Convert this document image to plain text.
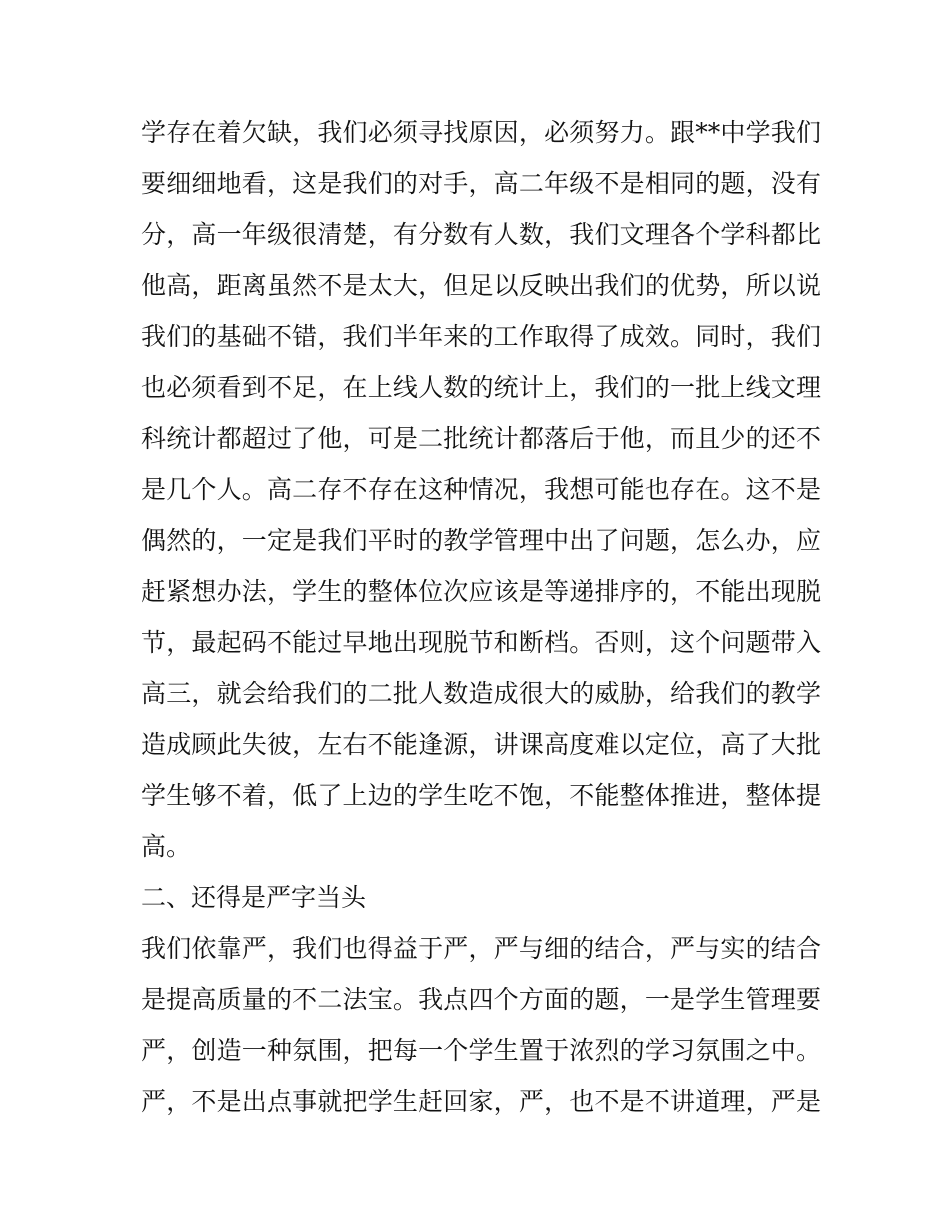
学存在着欠缺，我们必须寻找原因，必须努力。跟**中学我们
要细细地看，这是我们的对手，高二年级不是相同的题，没有
分，高一年级很清楚，有分数有人数，我们文理各个学科都比
他高，距离虽然不是太大，但足以反映出我们的优势，所以说
我们的基础不错，我们半年来的工作取得了成效。同时，我们
也必须看到不足，在上线人数的统计上，我们的一批上线文理
科统计都超过了他，可是二批统计都落后于他，而且少的还不
是几个人。高二存不存在这种情况，我想可能也存在。这不是
偶然的，一定是我们平时的教学管理中出了问题，怎么办，应
赶紧想办法，学生的整体位次应该是等递排序的，不能出现脱
节，最起码不能过早地出现脱节和断档。否则，这个问题带入
高三，就会给我们的二批人数造成很大的威胁，给我们的教学
造成顾此失彼，左右不能逢源，讲课高度难以定位，高了大批
学生够不着，低了上边的学生吃不饱，不能整体推进，整体提
高。
二、还得是严字当头
我们依靠严，我们也得益于严，严与细的结合，严与实的结合
是提高质量的不二法宝。我点四个方面的题，一是学生管理要
严，创造一种氛围，把每一个学生置于浓烈的学习氛围之中。
严，不是出点事就把学生赶回家，严，也不是不讲道理，严是
